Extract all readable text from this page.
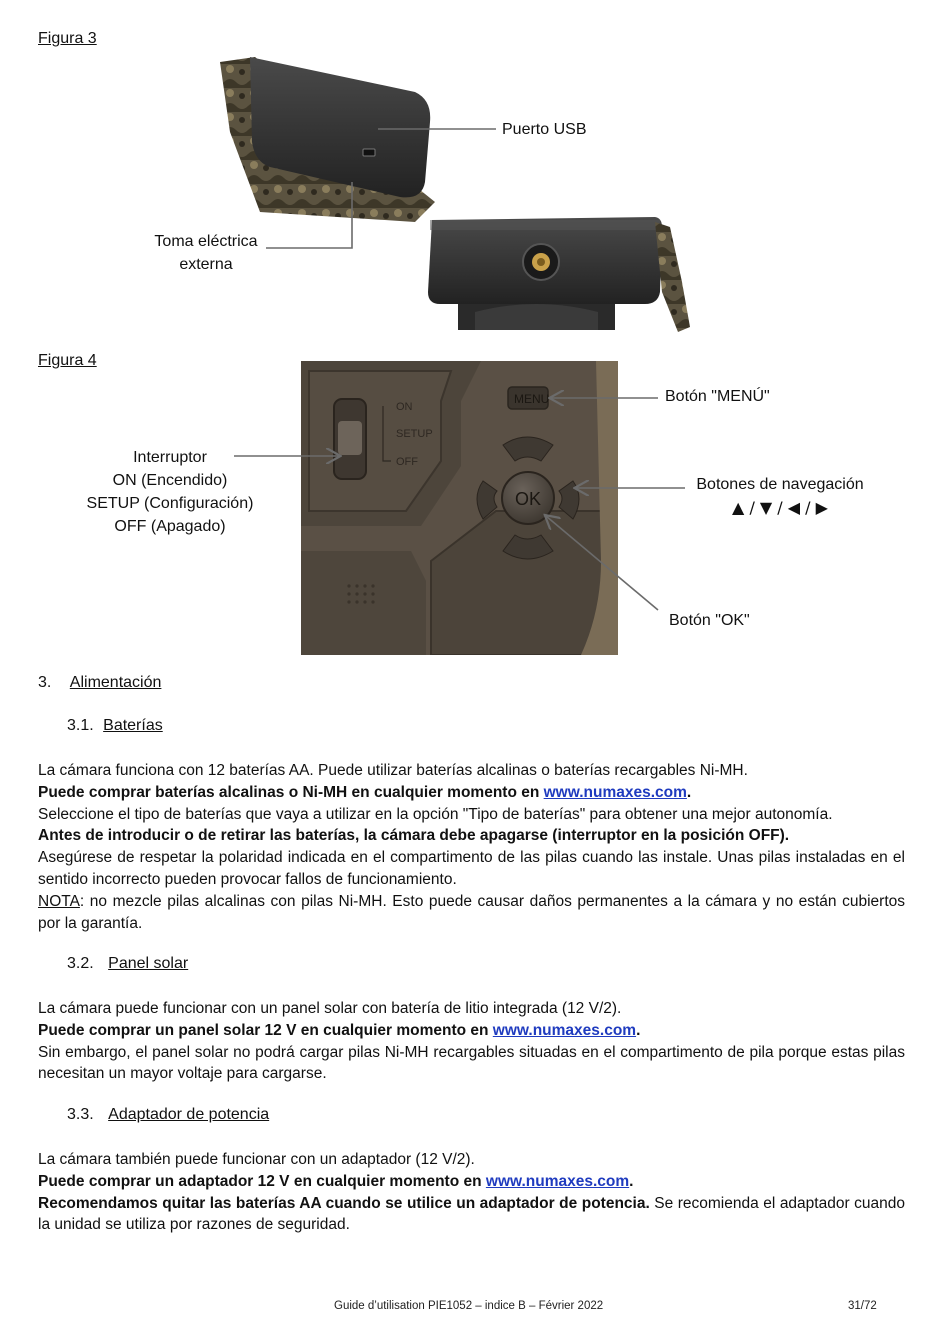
Figura 3
Puerto USB
Toma eléctrica
externa
Figura 4
ON
SETUP
OFF
MENU
OK
Botón "MENÚ"
Interruptor
ON (Encendido)
SETUP (Configuración)
OFF (Apagado)
Botones de navegación
▲ / ▼ / ◀ / ▶
Botón "OK"
3. Alimentación
3.1. Baterías

La cámara funciona con 12 baterías AA. Puede utilizar baterías alcalinas o baterías recargables Ni-MH.

Puede comprar baterías alcalinas o Ni-MH en cualquier momento en www.numaxes.com.

Seleccione el tipo de baterías que vaya a utilizar en la opción "Tipo de baterías" para obtener una mejor autonomía.

Antes de introducir o de retirar las baterías, la cámara debe apagarse (interruptor en la posición OFF).

Asegúrese de respetar la polaridad indicada en el compartimento de las pilas cuando las instale. Unas pilas instaladas en el sentido incorrecto pueden provocar fallos de funcionamiento.

NOTA: no mezcle pilas alcalinas con pilas Ni-MH. Esto puede causar daños permanentes a la cámara y no están cubiertos por la garantía.

3.2. Panel solar

La cámara puede funcionar con un panel solar con batería de litio integrada (12 V/2).

Puede comprar un panel solar 12 V en cualquier momento en www.numaxes.com.

Sin embargo, el panel solar no podrá cargar pilas Ni-MH recargables situadas en el compartimento de pila porque estas pilas necesitan un mayor voltaje para cargarse.

3.3. Adaptador de potencia

La cámara también puede funcionar con un adaptador (12 V/2).

Puede comprar un adaptador 12 V en cualquier momento en www.numaxes.com.

Recomendamos quitar las baterías AA cuando se utilice un adaptador de potencia. Se recomienda el adaptador cuando la unidad se utiliza por razones de seguridad.

Guide d’utilisation PIE1052 – indice B – Février 2022	31/72
